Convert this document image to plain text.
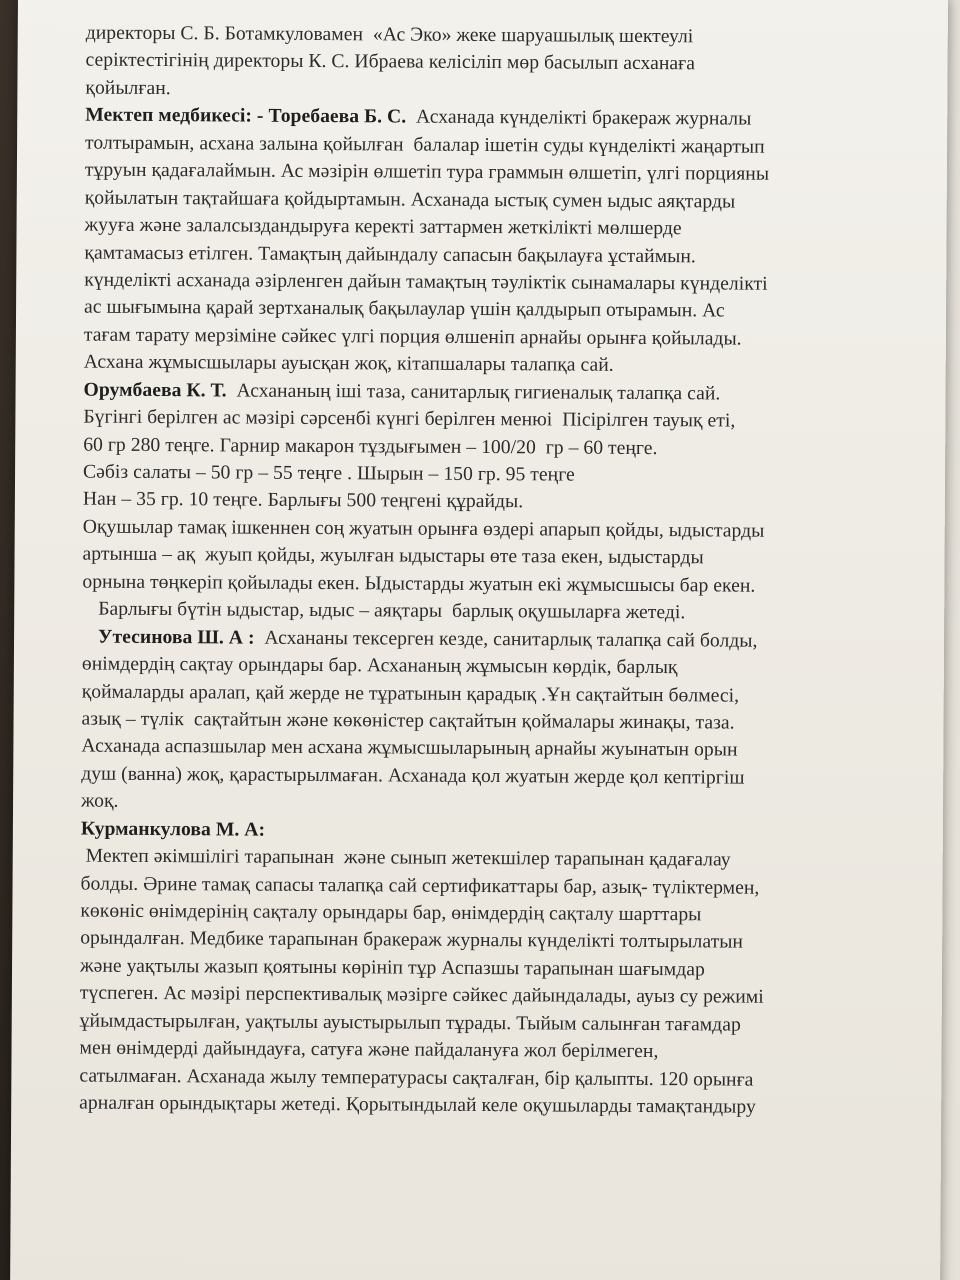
директоры С. Б. Ботамкуловамен  «Ас Эко» жеке шаруашылық шектеулі
серіктестігінің директоры К. С. Ибраева келісіліп мөр басылып асханаға
қойылған.
Мектеп медбикесі: - Торебаева Б. С.  Асханада күнделікті бракераж журналы
толтырамын, асхана залына қойылған  балалар ішетін суды күнделікті жаңартып
тұруын қадағалаймын. Ас мәзірін өлшетіп тура граммын өлшетіп, үлгі порцияны
қойылатын тақтайшаға қойдыртамын. Асханада ыстық сумен ыдыс аяқтарды
жууға және залалсыздандыруға керекті заттармен жеткілікті мөлшерде
қамтамасыз етілген. Тамақтың дайындалу сапасын бақылауға ұстаймын.
күнделікті асханада әзірленген дайын тамақтың тәуліктік сынамалары күнделікті
ас шығымына қарай зертханалық бақылаулар үшін қалдырып отырамын. Ас
тағам тарату мерзіміне сәйкес үлгі порция өлшеніп арнайы орынға қойылады.
Асхана жұмысшылары ауысқан жоқ, кітапшалары талапқа сай.
Орумбаева К. Т.  Асхананың іші таза, санитарлық гигиеналық талапқа сай.
Бүгінгі берілген ас мәзірі сәрсенбі күнгі берілген менюі  Пісірілген тауық еті,
60 гр 280 теңге. Гарнир макарон тұздығымен – 100/20  гр – 60 теңге.
Сәбіз салаты – 50 гр – 55 теңге . Шырын – 150 гр. 95 теңге
Нан – 35 гр. 10 теңге. Барлығы 500 теңгені құрайды.
Оқушылар тамақ ішкеннен соң жуатын орынға өздері апарып қойды, ыдыстарды
артынша – ақ  жуып қойды, жуылған ыдыстары өте таза екен, ыдыстарды
орнына төңкеріп қойылады екен. Ыдыстарды жуатын екі жұмысшысы бар екен.
Барлығы бүтін ыдыстар, ыдыс – аяқтары  барлық оқушыларға жетеді.
Утесинова Ш. А :  Асхананы тексерген кезде, санитарлық талапқа сай болды,
өнімдердің сақтау орындары бар. Асхананың жұмысын көрдік, барлық
қоймаларды аралап, қай жерде не тұратынын қарадық .Ұн сақтайтын бөлмесі,
азық – түлік  сақтайтын және көкөністер сақтайтын қоймалары жинақы, таза.
Асханада аспазшылар мен асхана жұмысшыларының арнайы жуынатын орын
душ (ванна) жоқ, қарастырылмаған. Асханада қол жуатын жерде қол кептіргіш
жоқ.
Курманкулова М. А:
Мектеп әкімшілігі тарапынан  және сынып жетекшілер тарапынан қадағалау
болды. Әрине тамақ сапасы талапқа сай сертификаттары бар, азық- түліктермен,
көкөніс өнімдерінің сақталу орындары бар, өнімдердің сақталу шарттары
орындалған. Медбике тарапынан бракераж журналы күнделікті толтырылатын
және уақтылы жазып қоятыны көрініп тұр Аспазшы тарапынан шағымдар
түспеген. Ас мәзірі перспективалық мәзірге сәйкес дайындалады, ауыз су режимі
ұйымдастырылған, уақтылы ауыстырылып тұрады. Тыйым салынған тағамдар
мен өнімдерді дайындауға, сатуға және пайдалануға жол берілмеген,
сатылмаған. Асханада жылу температурасы сақталған, бір қалыпты. 120 орынға
арналған орындықтары жетеді. Қорытындылай келе оқушыларды тамақтандыру
